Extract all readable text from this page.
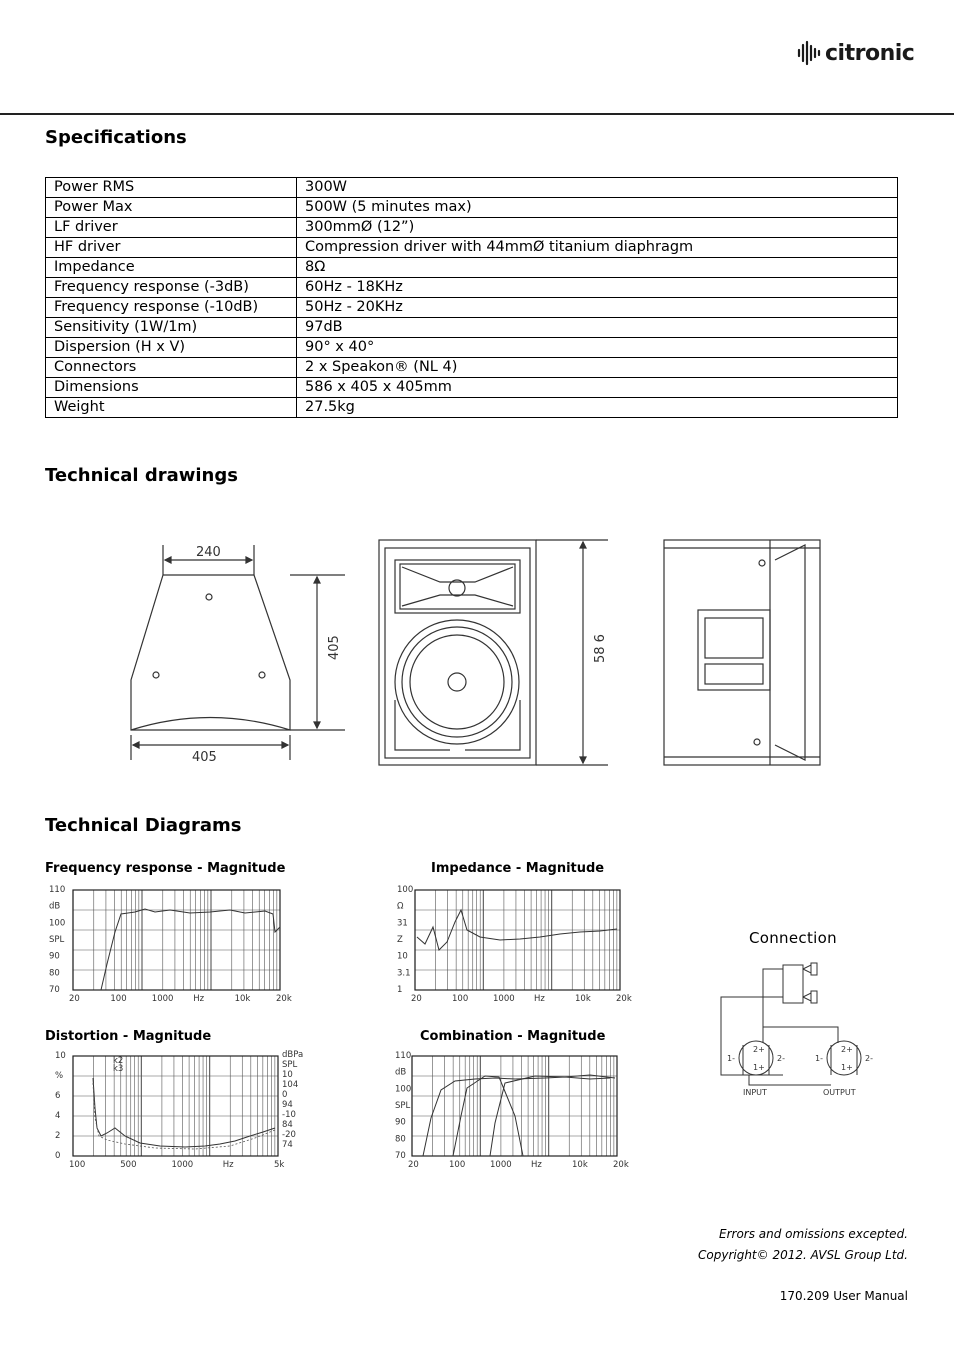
citronic
Specifications
Power RMS	300W
Power Max	500W (5 minutes max)
LF driver	300mmØ (12”)
HF driver	Compression driver with 44mmØ titanium diaphragm
Impedance	8Ω
Frequency response (-3dB)	60Hz - 18KHz
Frequency response (-10dB)	50Hz - 20KHz
Sensitivity (1W/1m)	97dB
Dispersion (H x V)	90° x 40°
Connectors	2 x Speakon® (NL 4)
Dimensions	586 x 405 x 405mm
Weight	27.5kg
Technical drawings
240
405
405	58 6
Technical Diagrams
Frequency response - Magnitude	Impedance - Magnitude
Distortion - Magnitude	Combination - Magnitude
110
dB
100
SPL
90
80
70
20	100	1000 Hz	10k	20k
100
Ω
31
Z
10
3.1
1
20	100	1000 Hz	10k	20k
10
%
6
4
2
0
100	500	1000	Hz	5k
dBPa
SPL
10
104
0
94
-10
84
-20
74
k2
k3
110
dB
100
SPL
90
80
70
20	100	1000 Hz	10k	20k
Connection
1-
2+
2-
1+
1-
2+
2-
1+
INPUT	OUTPUT
Errors and omissions excepted.
Copyright© 2012. AVSL Group Ltd.
170.209 User Manual
